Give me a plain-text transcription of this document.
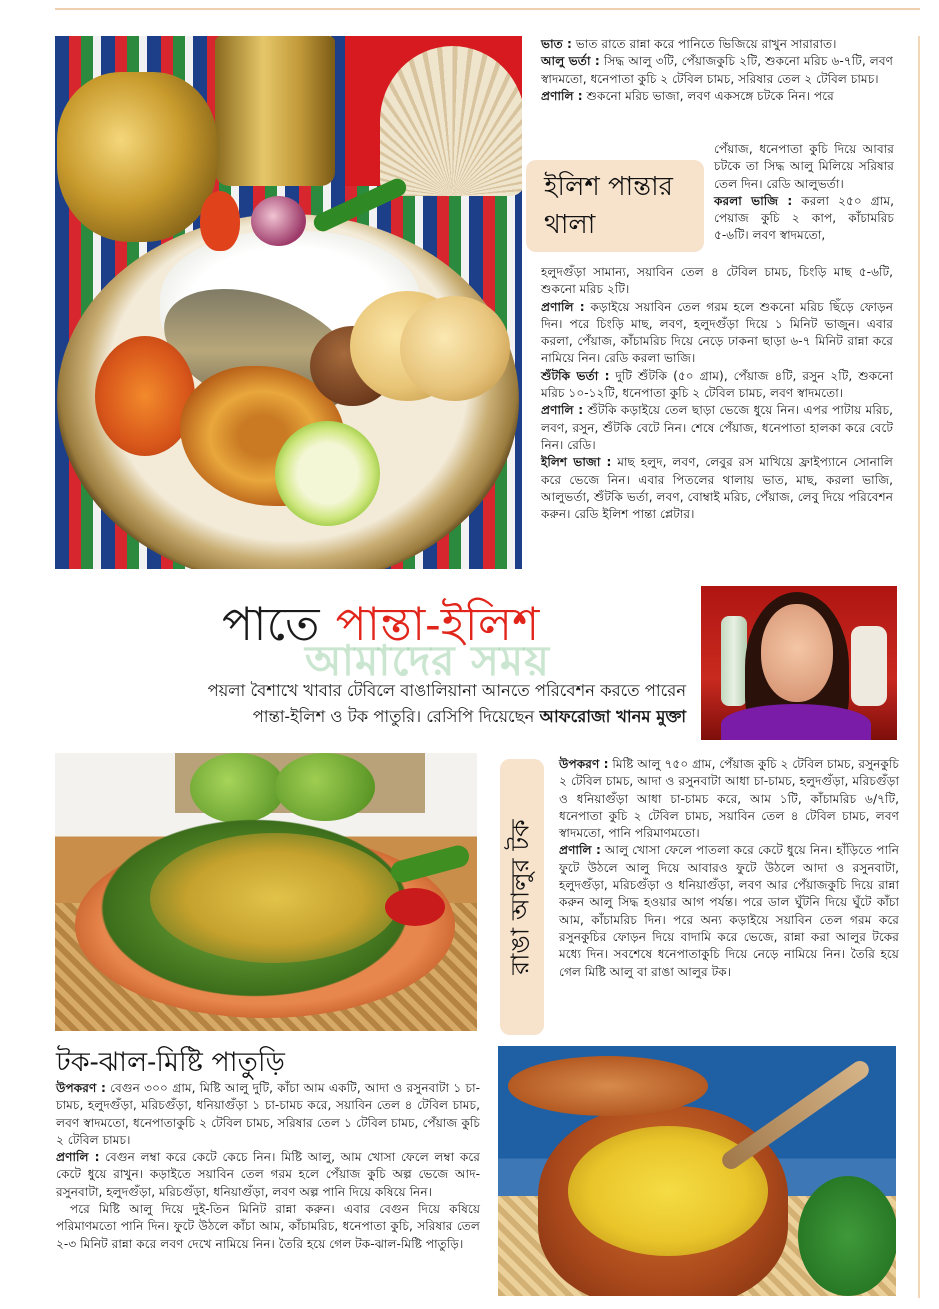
ভাত : ভাত রাতে রান্না করে পানিতে ভিজিয়ে রাখুন সারারাত।

আলু ভর্তা : সিদ্ধ আলু ৩টি, পেঁয়াজকুচি ২টি, শুকনো মরিচ ৬-৭টি, লবণ স্বাদমতো, ধনেপাতা কুচি ২ টেবিল চামচ, সরিষার তেল ২ টেবিল চামচ।

প্রণালি : শুকনো মরিচ ভাজা, লবণ একসঙ্গে চটকে নিন। পরে

ইলিশ পান্তার থালা

পেঁয়াজ, ধনেপাতা কুচি দিয়ে আবার চটকে তা সিদ্ধ আলু মিলিয়ে সরিষার তেল দিন। রেডি আলুভর্তা।

করলা ভাজি : করলা ২৫০ গ্রাম, পেয়াজ কুচি ২ কাপ, কাঁচামরিচ ৫-৬টি। লবণ স্বাদমতো,

হলুদগুঁড়া সামান্য, সয়াবিন তেল ৪ টেবিল চামচ, চিংড়ি মাছ ৫-৬টি, শুকনো মরিচ ২টি।

প্রণালি : কড়াইয়ে সয়াবিন তেল গরম হলে শুকনো মরিচ ছিঁড়ে ফোড়ন দিন। পরে চিংড়ি মাছ, লবণ, হলুদগুঁড়া দিয়ে ১ মিনিট ভাজুন। এবার করলা, পেঁয়াজ, কাঁচামরিচ দিয়ে নেড়ে ঢাকনা ছাড়া ৬-৭ মিনিট রান্না করে নামিয়ে নিন। রেডি করলা ভাজি।

শুঁটকি ভর্তা : দুটি শুঁটকি (৫০ গ্রাম), পেঁয়াজ ৪টি, রসুন ২টি, শুকনো মরিচ ১০-১২টি, ধনেপাতা কুচি ২ টেবিল চামচ, লবণ স্বাদমতো।

প্রণালি : শুঁটকি কড়াইয়ে তেল ছাড়া ভেজে ধুয়ে নিন। এপর পাটায় মরিচ, লবণ, রসুন, শুঁটকি বেটে নিন। শেষে পেঁয়াজ, ধনেপাতা হালকা করে বেটে নিন। রেডি।

ইলিশ ভাজা : মাছ হলুদ, লবণ, লেবুর রস মাখিয়ে ফ্রাইপ্যানে সোনালি করে ভেজে নিন। এবার পিতলের থালায় ভাত, মাছ, করলা ভাজি, আলুভর্তা, শুঁটকি ভর্তা, লবণ, বোম্বাই মরিচ, পেঁয়াজ, লেবু দিয়ে পরিবেশন করুন। রেডি ইলিশ পান্তা প্লেটার।

পাতে পান্তা-ইলিশ
আমাদের সময়
পয়লা বৈশাখে খাবার টেবিলে বাঙালিয়ানা আনতে পরিবেশন করতে পারেন
পান্তা-ইলিশ ও টক পাতুরি। রেসিপি দিয়েছেন আফরোজা খানম মুক্তা
রাঙা আলুর টক

উপকরণ : মিষ্টি আলু ৭৫০ গ্রাম, পেঁয়াজ কুচি ২ টেবিল চামচ, রসুনকুচি ২ টেবিল চামচ, আদা ও রসুনবাটা আধা চা-চামচ, হলুদগুঁড়া, মরিচগুঁড়া ও ধনিয়াগুঁড়া আধা চা-চামচ করে, আম ১টি, কাঁচামরিচ ৬/৭টি, ধনেপাতা কুচি ২ টেবিল চামচ, সয়াবিন তেল ৪ টেবিল চামচ, লবণ স্বাদমতো, পানি পরিমাণমতো।

প্রণালি : আলু খোসা ফেলে পাতলা করে কেটে ধুয়ে নিন। হাঁড়িতে পানি ফুটে উঠলে আলু দিয়ে আবারও ফুটে উঠলে আদা ও রসুনবাটা, হলুদগুঁড়া, মরিচগুঁড়া ও ধনিয়াগুঁড়া, লবণ আর পেঁয়াজকুচি দিয়ে রান্না করুন আলু সিদ্ধ হওয়ার আগ পর্যন্ত। পরে ডাল ঘুঁটনি দিয়ে ঘুঁটে কাঁচা আম, কাঁচামরিচ দিন। পরে অন্য কড়াইয়ে সয়াবিন তেল গরম করে রসুনকুচির ফোড়ন দিয়ে বাদামি করে ভেজে, রান্না করা আলুর টকের মধ্যে দিন। সবশেষে ধনেপাতাকুচি দিয়ে নেড়ে নামিয়ে নিন। তৈরি হয়ে গেল মিষ্টি আলু বা রাঙা আলুর টক।

টক-ঝাল-মিষ্টি পাতুড়ি

উপকরণ : বেগুন ৩০০ গ্রাম, মিষ্টি আলু দুটি, কাঁচা আম একটি, আদা ও রসুনবাটা ১ চা-চামচ, হলুদগুঁড়া, মরিচগুঁড়া, ধনিয়াগুঁড়া ১ চা-চামচ করে, সয়াবিন তেল ৪ টেবিল চামচ, লবণ স্বাদমতো, ধনেপাতাকুচি ২ টেবিল চামচ, সরিষার তেল ১ টেবিল চামচ, পেঁয়াজ কুচি ২ টেবিল চামচ।

প্রণালি : বেগুন লম্বা করে কেটে কেচে নিন। মিষ্টি আলু, আম খোসা ফেলে লম্বা করে কেটে ধুয়ে রাখুন। কড়াইতে সয়াবিন তেল গরম হলে পেঁয়াজ কুচি অল্প ভেজে আদ-রসুনবাটা, হলুদগুঁড়া, মরিচগুঁড়া, ধনিয়াগুঁড়া, লবণ অল্প পানি দিয়ে কষিয়ে নিন।

পরে মিষ্টি আলু দিয়ে দুই-তিন মিনিট রান্না করুন। এবার বেগুন দিয়ে কষিয়ে পরিমাণমতো পানি দিন। ফুটে উঠলে কাঁচা আম, কাঁচামরিচ, ধনেপাতা কুচি, সরিষার তেল ২-৩ মিনিট রান্না করে লবণ দেখে নামিয়ে নিন। তৈরি হয়ে গেল টক-ঝাল-মিষ্টি পাতুড়ি।
